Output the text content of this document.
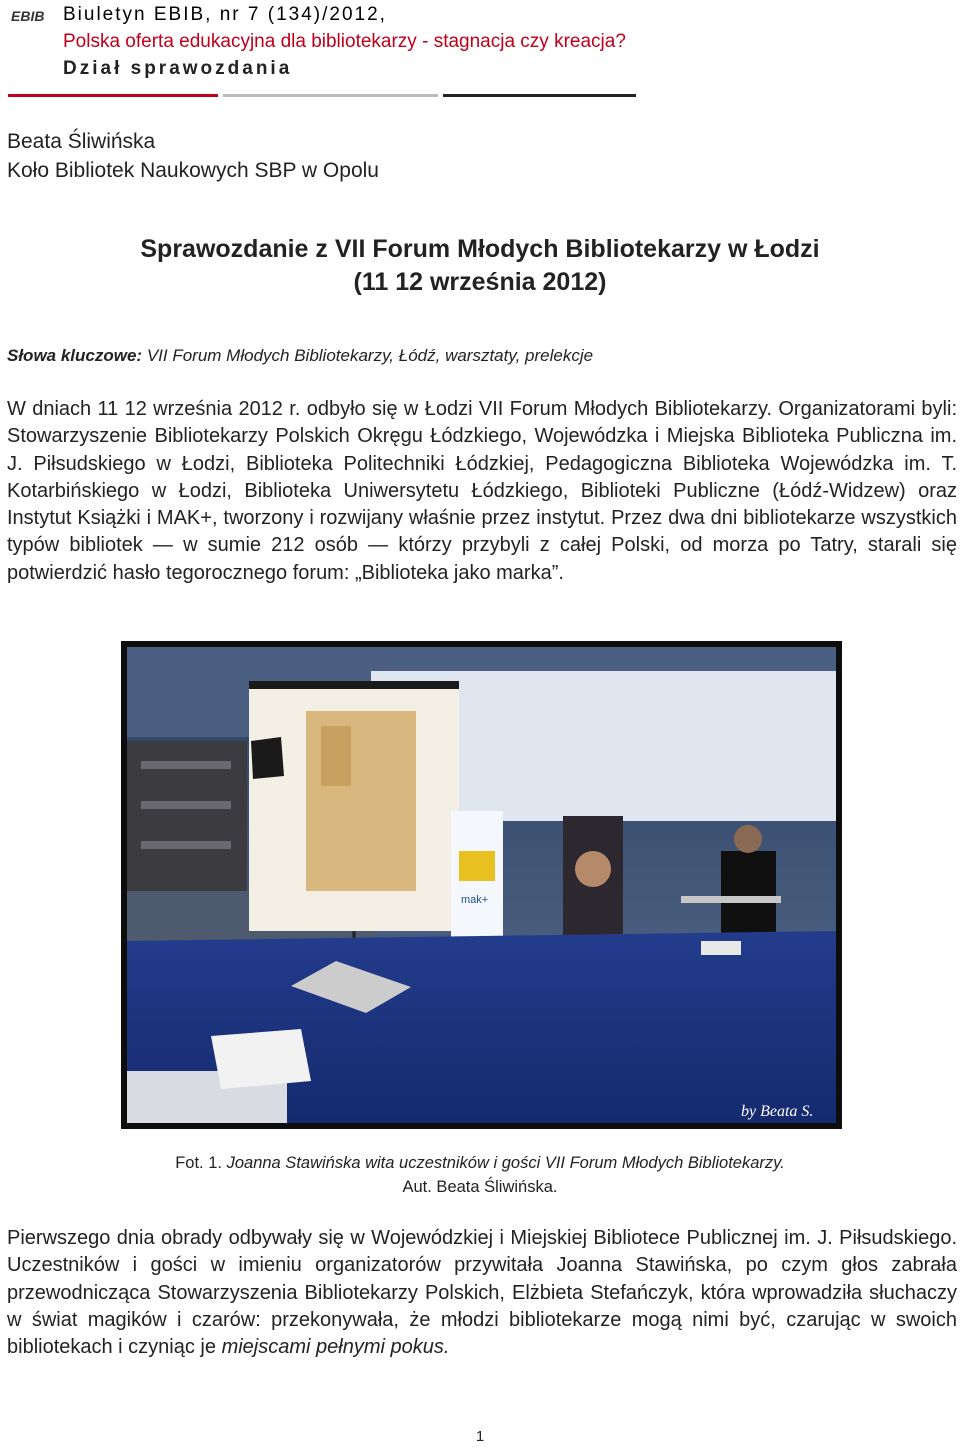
EBIB Biuletyn EBIB, nr 7 (134)/2012,
Polska oferta edukacyjna dla bibliotekarzy - stagnacja czy kreacja?
Dział sprawozdania
Beata Śliwińska
Koło Bibliotek Naukowych SBP w Opolu
Sprawozdanie z VII Forum Młodych Bibliotekarzy w Łodzi
(11 12 września 2012)
Słowa kluczowe: VII Forum Młodych Bibliotekarzy, Łódź, warsztaty, prelekcje
W dniach 11 12 września 2012 r. odbyło się w Łodzi VII Forum Młodych Bibliotekarzy. Organizatorami byli: Stowarzyszenie Bibliotekarzy Polskich Okręgu Łódzkiego, Wojewódzka i Miejska Biblioteka Publiczna im. J. Piłsudskiego w Łodzi, Biblioteka Politechniki Łódzkiej, Pedagogiczna Biblioteka Wojewódzka im. T. Kotarbińskiego w Łodzi, Biblioteka Uniwersytetu Łódzkiego, Biblioteki Publiczne (Łódź-Widzew) oraz Instytut Książki i MAK+, tworzony i rozwijany właśnie przez instytut. Przez dwa dni bibliotekarze wszystkich typów bibliotek — w sumie 212 osób — którzy przybyli z całej Polski, od morza po Tatry, starali się potwierdzić hasło tegorocznego forum: „Biblioteka jako marka”.
mak+
by Beata S.
Fot. 1. Joanna Stawińska wita uczestników i gości VII Forum Młodych Bibliotekarzy.
Aut. Beata Śliwińska.
Pierwszego dnia obrady odbywały się w Wojewódzkiej i Miejskiej Bibliotece Publicznej im. J. Piłsudskiego. Uczestników i gości w imieniu organizatorów przywitała Joanna Stawińska, po czym głos zabrała przewodnicząca Stowarzyszenia Bibliotekarzy Polskich, Elżbieta Stefańczyk, która wprowadziła słuchaczy w świat magików i czarów: przekonywała, że młodzi bibliotekarze mogą nimi być, czarując w swoich bibliotekach i czyniąc je miejscami pełnymi pokus.
1
